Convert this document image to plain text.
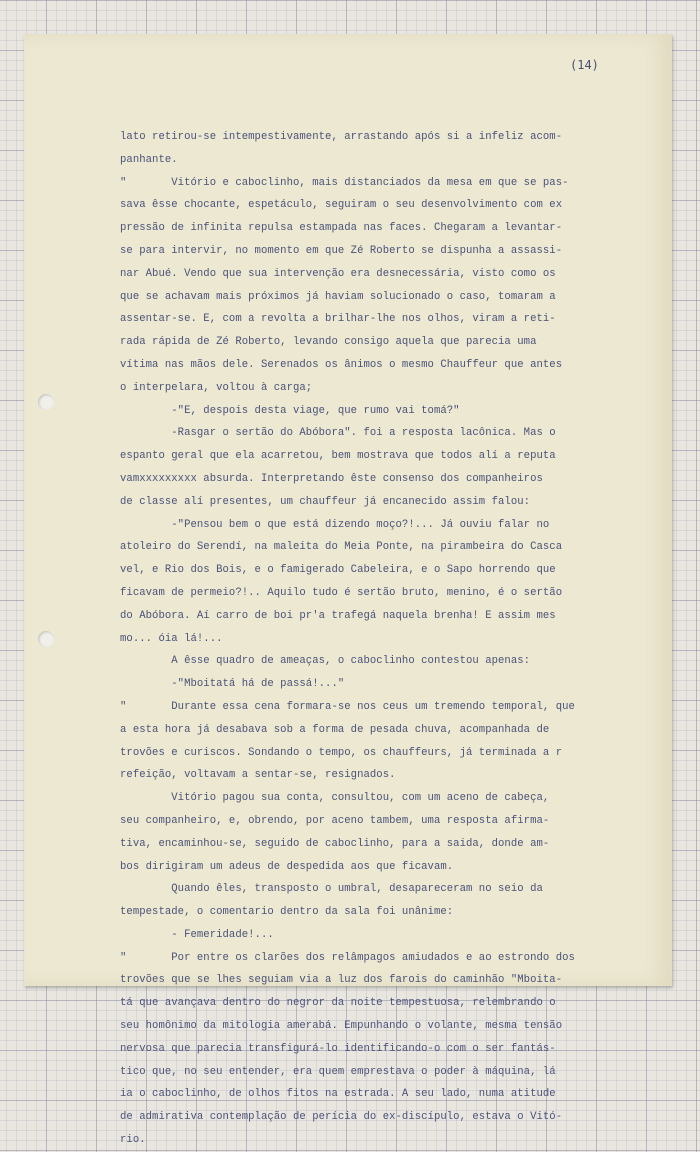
(14)
lato retirou-se intempestivamente, arrastando após si a infeliz acom-
panhante.
"       Vitório e caboclinho, mais distanciados da mesa em que se pas-
sava êsse chocante, espetáculo, seguiram o seu desenvolvimento com ex
pressão de infinita repulsa estampada nas faces. Chegaram a levantar-
se para intervir, no momento em que Zé Roberto se dispunha a assassi-
nar Abué. Vendo que sua intervenção era desnecessária, visto como os
que se achavam mais próximos já haviam solucionado o caso, tomaram a
assentar-se. E, com a revolta a brilhar-lhe nos olhos, viram a reti-
rada rápida de Zé Roberto, levando consigo aquela que parecia uma
vítima nas mãos dele. Serenados os ânimos o mesmo Chauffeur que antes
o interpelara, voltou à carga;
-"E, despois desta viage, que rumo vai tomá?"
-Rasgar o sertão do Abóbora". foi a resposta lacônica. Mas o
espanto geral que ela acarretou, bem mostrava que todos alí a reputa
vamxxxxxxxxx absurda. Interpretando êste consenso dos companheiros
de classe alí presentes, um chauffeur já encanecido assim falou:
-"Pensou bem o que está dizendo moço?!... Já ouviu falar no
atoleiro do Serendí, na maleita do Meia Ponte, na pirambeira do Casca
vel, e Rio dos Bois, e o famigerado Cabeleira, e o Sapo horrendo que
ficavam de permeio?!.. Aquilo tudo é sertão bruto, menino, é o sertão
do Abóbora. Aí carro de boi pr'a trafegá naquela brenha! E assim mes
mo... óia lá!...
A êsse quadro de ameaças, o caboclinho contestou apenas:
-"Mboitatá há de passá!..."
"       Durante essa cena formara-se nos ceus um tremendo temporal, que
a esta hora já desabava sob a forma de pesada chuva, acompanhada de
trovões e curiscos. Sondando o tempo, os chauffeurs, já terminada a r
refeição, voltavam a sentar-se, resignados.
Vitório pagou sua conta, consultou, com um aceno de cabeça,
seu companheiro, e, obrendo, por aceno tambem, uma resposta afirma-
tiva, encaminhou-se, seguido de caboclinho, para a saida, donde am-
bos dirigiram um adeus de despedida aos que ficavam.
Quando êles, transposto o umbral, desapareceram no seio da
tempestade, o comentario dentro da sala foi unânime:
- Femeridade!...
"       Por entre os clarões dos relâmpagos amiudados e ao estrondo dos
trovões que se lhes seguiam via a luz dos farois do caminhão "Mboita-
tá que avançava dentro do negror da noite tempestuosa, relembrando o
seu homônimo da mitologia amerabá. Empunhando o volante, mesma tensão
nervosa que parecia transfigurá-lo identificando-o com o ser fantás-
tico que, no seu entender, era quem emprestava o poder à máquina, lá
ia o caboclinho, de olhos fitos na estrada. A seu lado, numa atitude
de admirativa contemplação de perícia do ex-discípulo, estava o Vitó-
rio.
